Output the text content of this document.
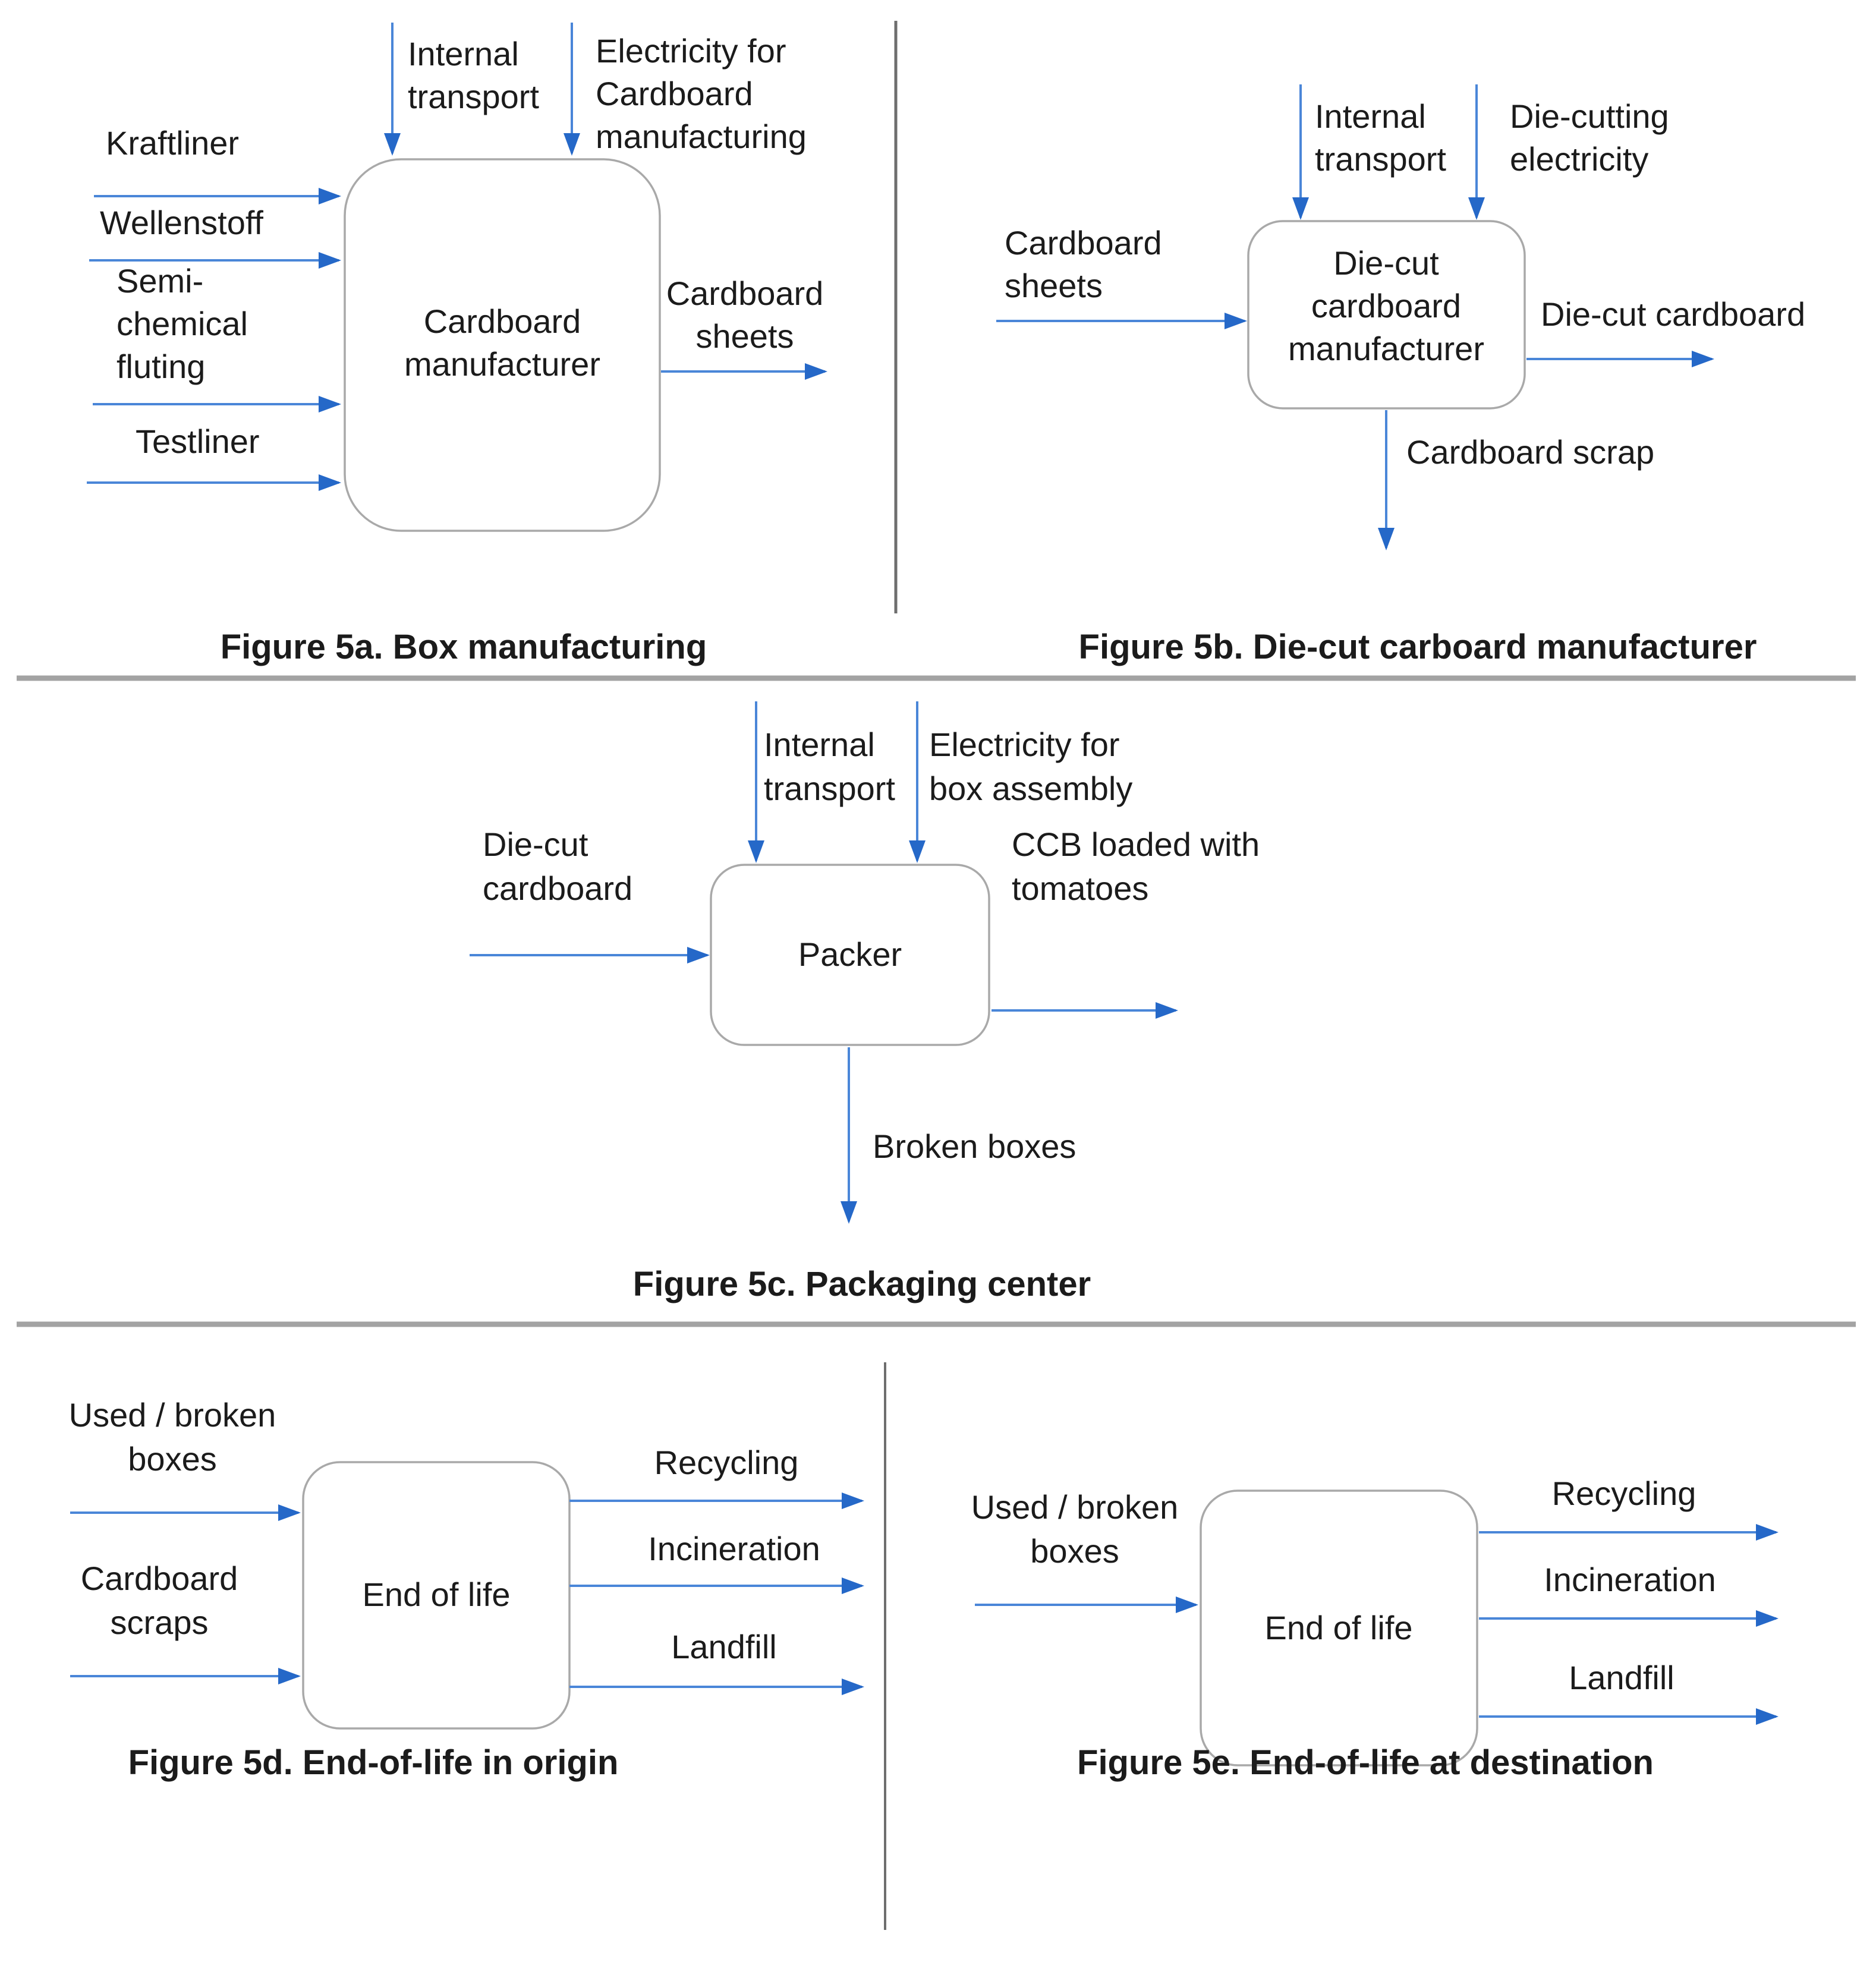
Internal
transport
Electricity for
Cardboard
manufacturing
Kraftliner
Wellenstoff
Semi-
chemical
fluting
Testliner
Cardboard
manufacturer
Cardboard
sheets
Figure 5a. Box manufacturing
Internal
transport
Die-cutting
electricity
Cardboard
sheets
Die-cut
cardboard
manufacturer
Die-cut cardboard
Cardboard scrap
Figure 5b. Die-cut carboard manufacturer
Internal
transport
Electricity for
box assembly
Die-cut
cardboard
Packer
CCB loaded with
tomatoes
Broken boxes
Figure 5c. Packaging center
Used / broken
boxes
Cardboard
scraps
End of life
Recycling
Incineration
Landfill
Figure 5d. End-of-life in origin
Used / broken
boxes
End of life
Recycling
Incineration
Landfill
Figure 5e. End-of-life at destination
